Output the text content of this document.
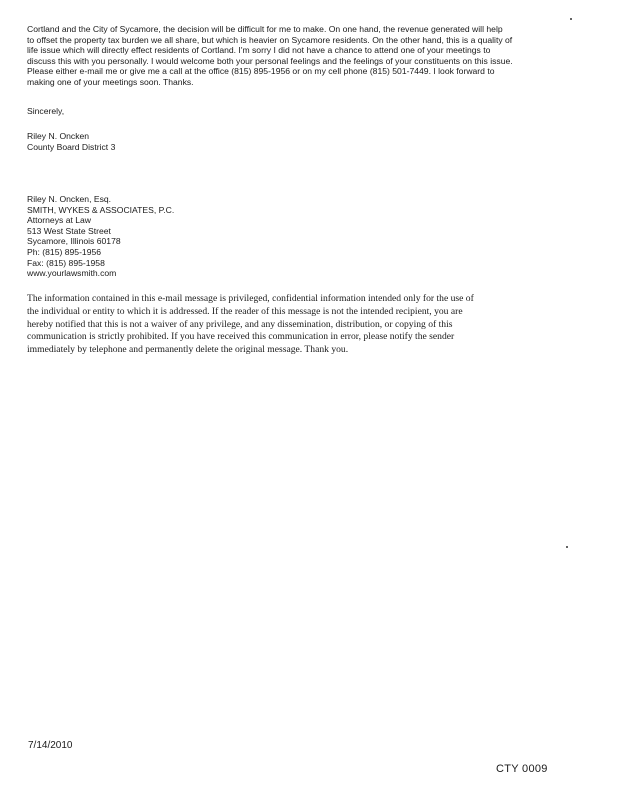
Cortland and the City of Sycamore, the decision will be difficult for me to make. On one hand, the revenue generated will help
to offset the property tax burden we all share, but which is heavier on Sycamore residents. On the other hand, this is a quality of
life issue which will directly effect residents of Cortland. I'm sorry I did not have a chance to attend one of your meetings to
discuss this with you personally. I would welcome both your personal feelings and the feelings of your constituents on this issue.
Please either e-mail me or give me a call at the office (815) 895-1956 or on my cell phone (815) 501-7449. I look forward to
making one of your meetings soon. Thanks.
Sincerely,
Riley N. Oncken
County Board District 3
Riley N. Oncken, Esq.
SMITH, WYKES & ASSOCIATES, P.C.
Attorneys at Law
513 West State Street
Sycamore, Illinois 60178
Ph: (815) 895-1956
Fax: (815) 895-1958
www.yourlawsmith.com
The information contained in this e-mail message is privileged, confidential information intended only for the use of
the individual or entity to which it is addressed. If the reader of this message is not the intended recipient, you are
hereby notified that this is not a waiver of any privilege, and any dissemination, distribution, or copying of this
communication is strictly prohibited. If you have received this communication in error, please notify the sender
immediately by telephone and permanently delete the original message. Thank you.
7/14/2010
CTY 0009
